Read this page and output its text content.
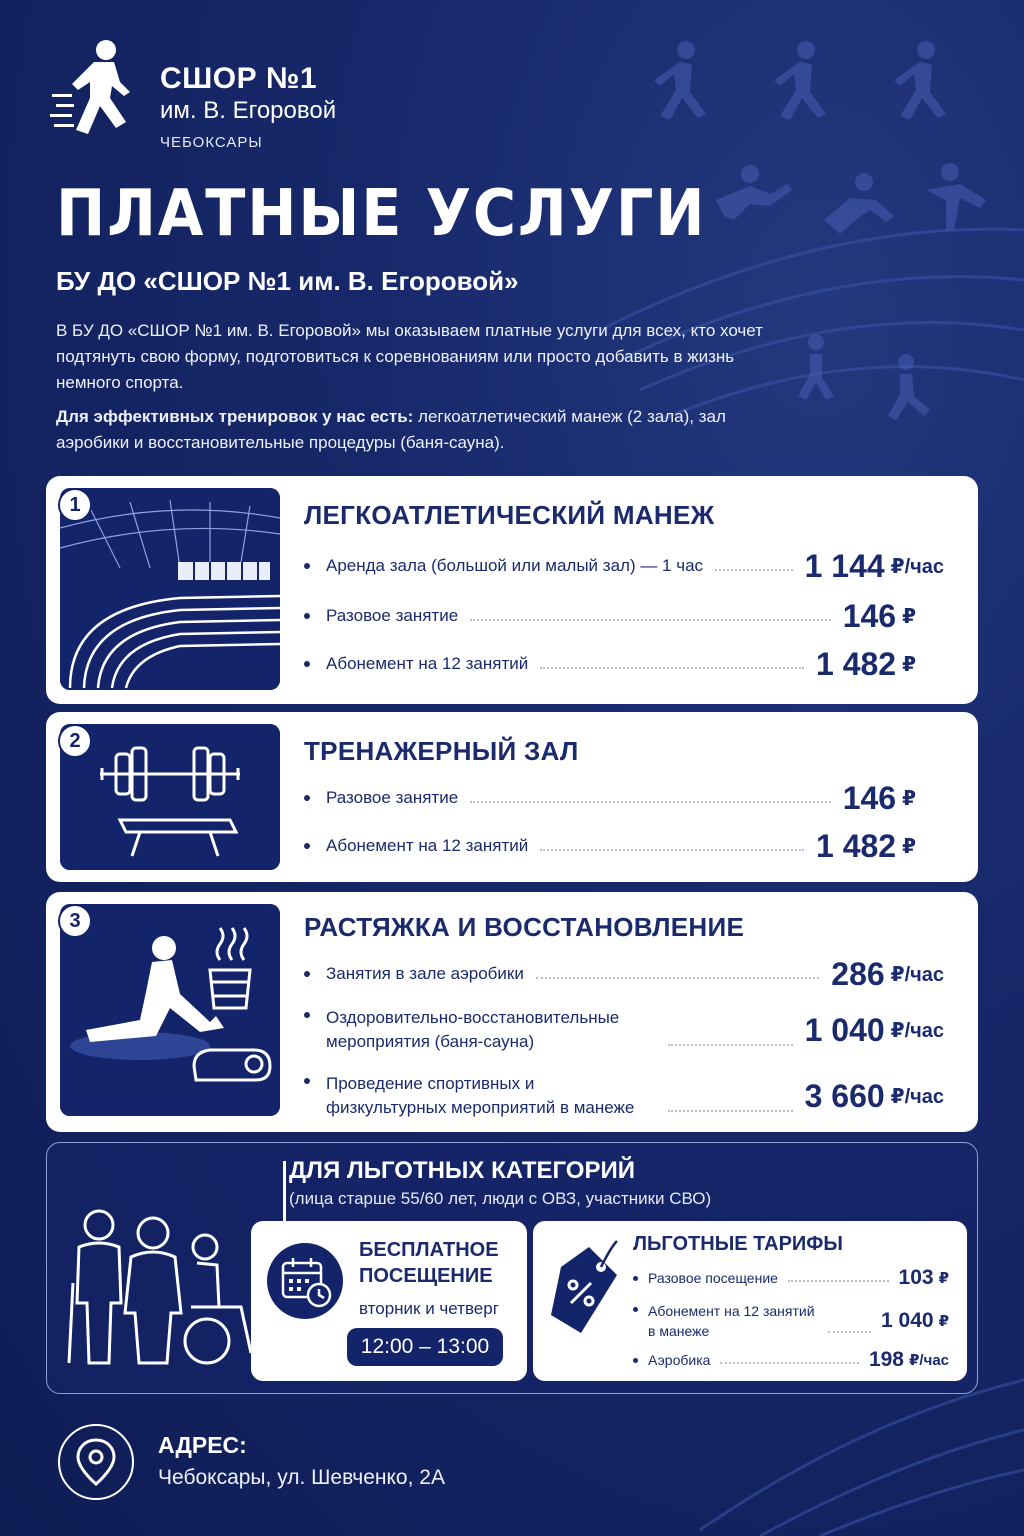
СШОР №1
им. В. Егоровой
ЧЕБОКСАРЫ
ПЛАТНЫЕ УСЛУГИ
БУ ДО «СШОР №1 им. В. Егоровой»
В БУ ДО «СШОР №1 им. В. Егоровой» мы оказываем платные услуги для всех, кто хочет подтянуть свою форму, подготовиться к соревнованиям или просто добавить в жизнь немного спорта.
Для эффективных тренировок у нас есть: легкоатлетический манеж (2 зала), зал аэробики и восстановительные процедуры (баня-сауна).
1	ЛЕГКОАТЛЕТИЧЕСКИЙ МАНЕЖ
Аренда зала (большой или малый зал) — 1 час	1 144 ₽/час
Разовое занятие	146 ₽
Абонемент на 12 занятий	1 482 ₽
2	ТРЕНАЖЕРНЫЙ ЗАЛ
Разовое занятие	146 ₽
Абонемент на 12 занятий	1 482 ₽
3	РАСТЯЖКА И ВОССТАНОВЛЕНИЕ
Занятия в зале аэробики	286 ₽/час
Оздоровительно-восстановительные мероприятия (баня-сауна)	1 040 ₽/час
Проведение спортивных и физкультурных мероприятий в манеже	3 660 ₽/час
ДЛЯ ЛЬГОТНЫХ КАТЕГОРИЙ
(лица старше 55/60 лет, люди с ОВЗ, участники СВО)
БЕСПЛАТНОЕ ПОСЕЩЕНИЕ
вторник и четверг
12:00 – 13:00
ЛЬГОТНЫЕ ТАРИФЫ
Разовое посещение	103 ₽
Абонемент на 12 занятий в манеже	1 040 ₽
Аэробика	198 ₽/час
АДРЕС:
Чебоксары, ул. Шевченко, 2А
